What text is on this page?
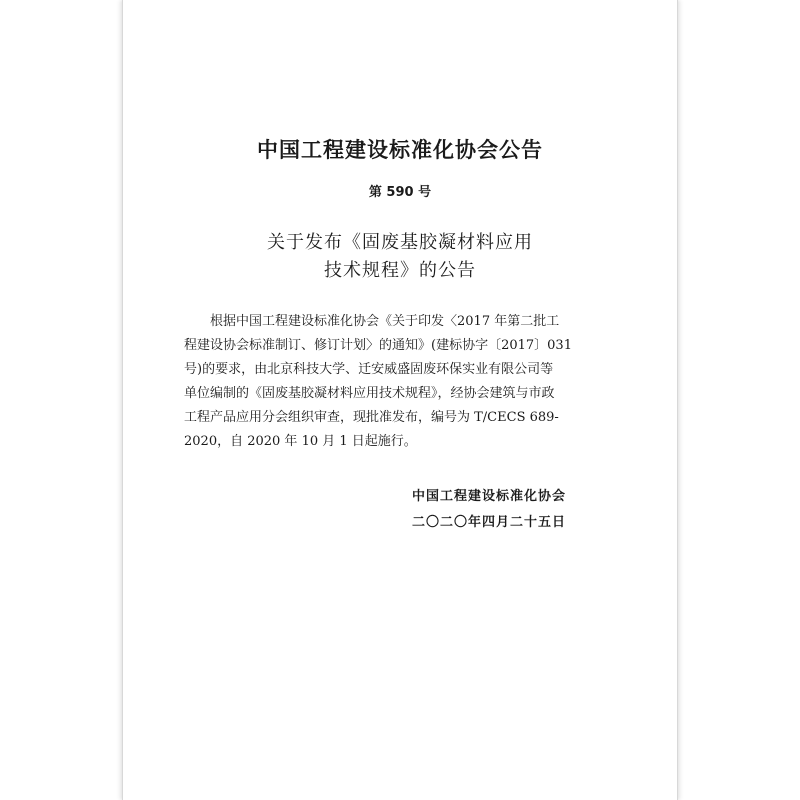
中国工程建设标准化协会公告
第 590 号
关于发布《固废基胶凝材料应用
技术规程》的公告
根据中国工程建设标准化协会《关于印发〈2017 年第二批工
程建设协会标准制订、修订计划〉的通知》(建标协字〔2017〕031
号)的要求，由北京科技大学、迁安威盛固废环保实业有限公司等
单位编制的《固废基胶凝材料应用技术规程》，经协会建筑与市政
工程产品应用分会组织审查，现批准发布，编号为 T/CECS 689-
2020，自 2020 年 10 月 1 日起施行。
中国工程建设标准化协会
二〇二〇年四月二十五日
